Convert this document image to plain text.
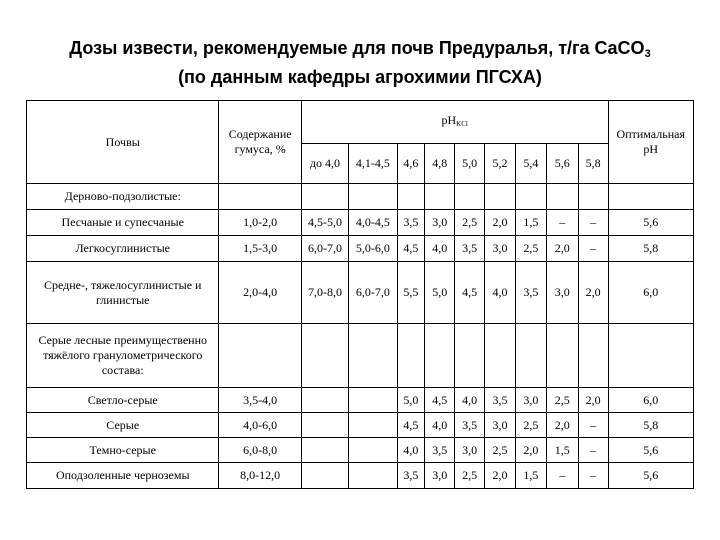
Дозы извести, рекомендуемые для почв Предуралья, т/га CaCO$_3$
(по данным кафедры агрохимии ПГСХА)
Почвы	Содержание гумуса, %	$pH_{KCl}$									Оптимальная pH
		до 4,0	4,1-4,5	4,6	4,8	5,0	5,2	5,4	5,6	5,8	
Дерново-подзолистые:											
Песчаные и супесчаные	1,0-2,0	4,5-5,0	4,0-4,5	3,5	3,0	2,5	2,0	1,5	–	–	5,6
Легкосуглинистые	1,5-3,0	6,0-7,0	5,0-6,0	4,5	4,0	3,5	3,0	2,5	2,0	–	5,8
Средне-, тяжелосуглинистые и глинистые	2,0-4,0	7,0-8,0	6,0-7,0	5,5	5,0	4,5	4,0	3,5	3,0	2,0	6,0
Серые лесные преимущественно тяжёлого гранулометрического состава:											
Светло-серые	3,5-4,0			5,0	4,5	4,0	3,5	3,0	2,5	2,0	6,0
Серые	4,0-6,0			4,5	4,0	3,5	3,0	2,5	2,0	–	5,8
Темно-серые	6,0-8,0			4,0	3,5	3,0	2,5	2,0	1,5	–	5,6
Оподзоленные черноземы	8,0-12,0			3,5	3,0	2,5	2,0	1,5	–	–	5,6
